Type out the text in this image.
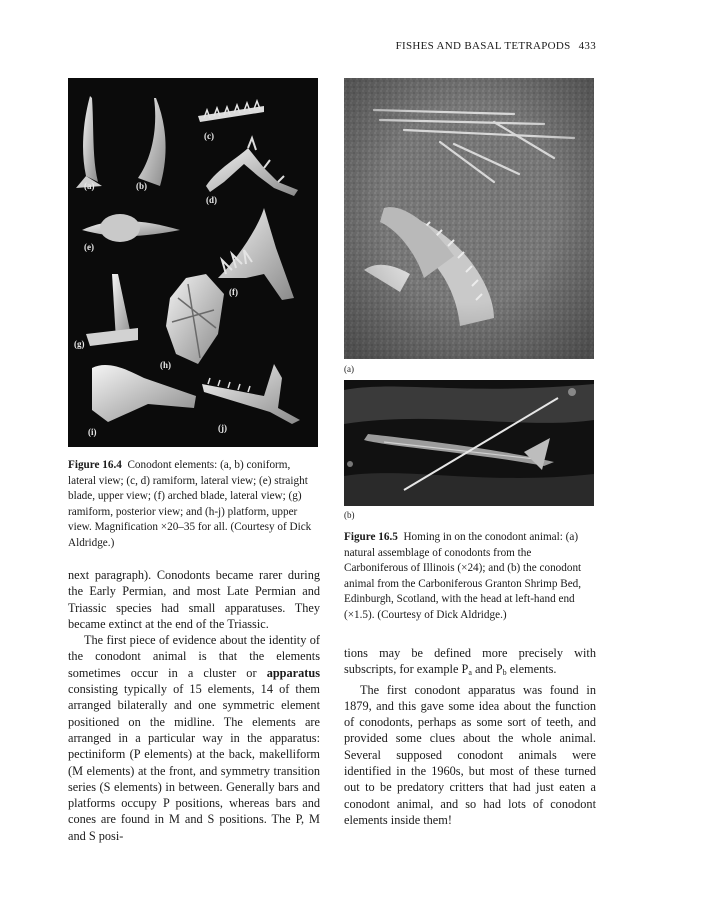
FISHES AND BASAL TETRAPODS 433
(a)	(b)
(c)
(d)
(e)
(f)
(g)
(h)
(i)	(j)
Figure 16.4 Conodont elements: (a, b) coniform, lateral view; (c, d) ramiform, lateral view; (e) straight blade, upper view; (f) arched blade, lateral view; (g) ramiform, posterior view; and (h-j) platform, upper view. Magnification ×20–35 for all. (Courtesy of Dick Aldridge.)
(a)
(b)
Figure 16.5 Homing in on the conodont animal: (a) natural assemblage of conodonts from the Carboniferous of Illinois (×24); and (b) the conodont animal from the Carboniferous Granton Shrimp Bed, Edinburgh, Scotland, with the head at left-hand end (×1.5). (Courtesy of Dick Aldridge.)

next paragraph). Conodonts became rarer during the Early Permian, and most Late Permian and Triassic species had small apparatuses. They became extinct at the end of the Triassic.

The first piece of evidence about the identity of the conodont animal is that the elements sometimes occur in a cluster or apparatus consisting typically of 15 elements, 14 of them arranged bilaterally and one symmetric element positioned on the midline. The elements are arranged in a particular way in the apparatus: pectiniform (P elements) at the back, makelliform (M elements) at the front, and symmetry transition series (S elements) in between. Generally bars and platforms occupy P positions, whereas bars and cones are found in M and S positions. The P, M and S posi-

tions may be defined more precisely with subscripts, for example $P_a$ and $P_b$ elements.

The first conodont apparatus was found in 1879, and this gave some idea about the function of conodonts, perhaps as some sort of teeth, and provided some clues about the whole animal. Several supposed conodont animals were identified in the 1960s, but most of these turned out to be predatory critters that had just eaten a conodont animal, and so had lots of conodont elements inside them!
